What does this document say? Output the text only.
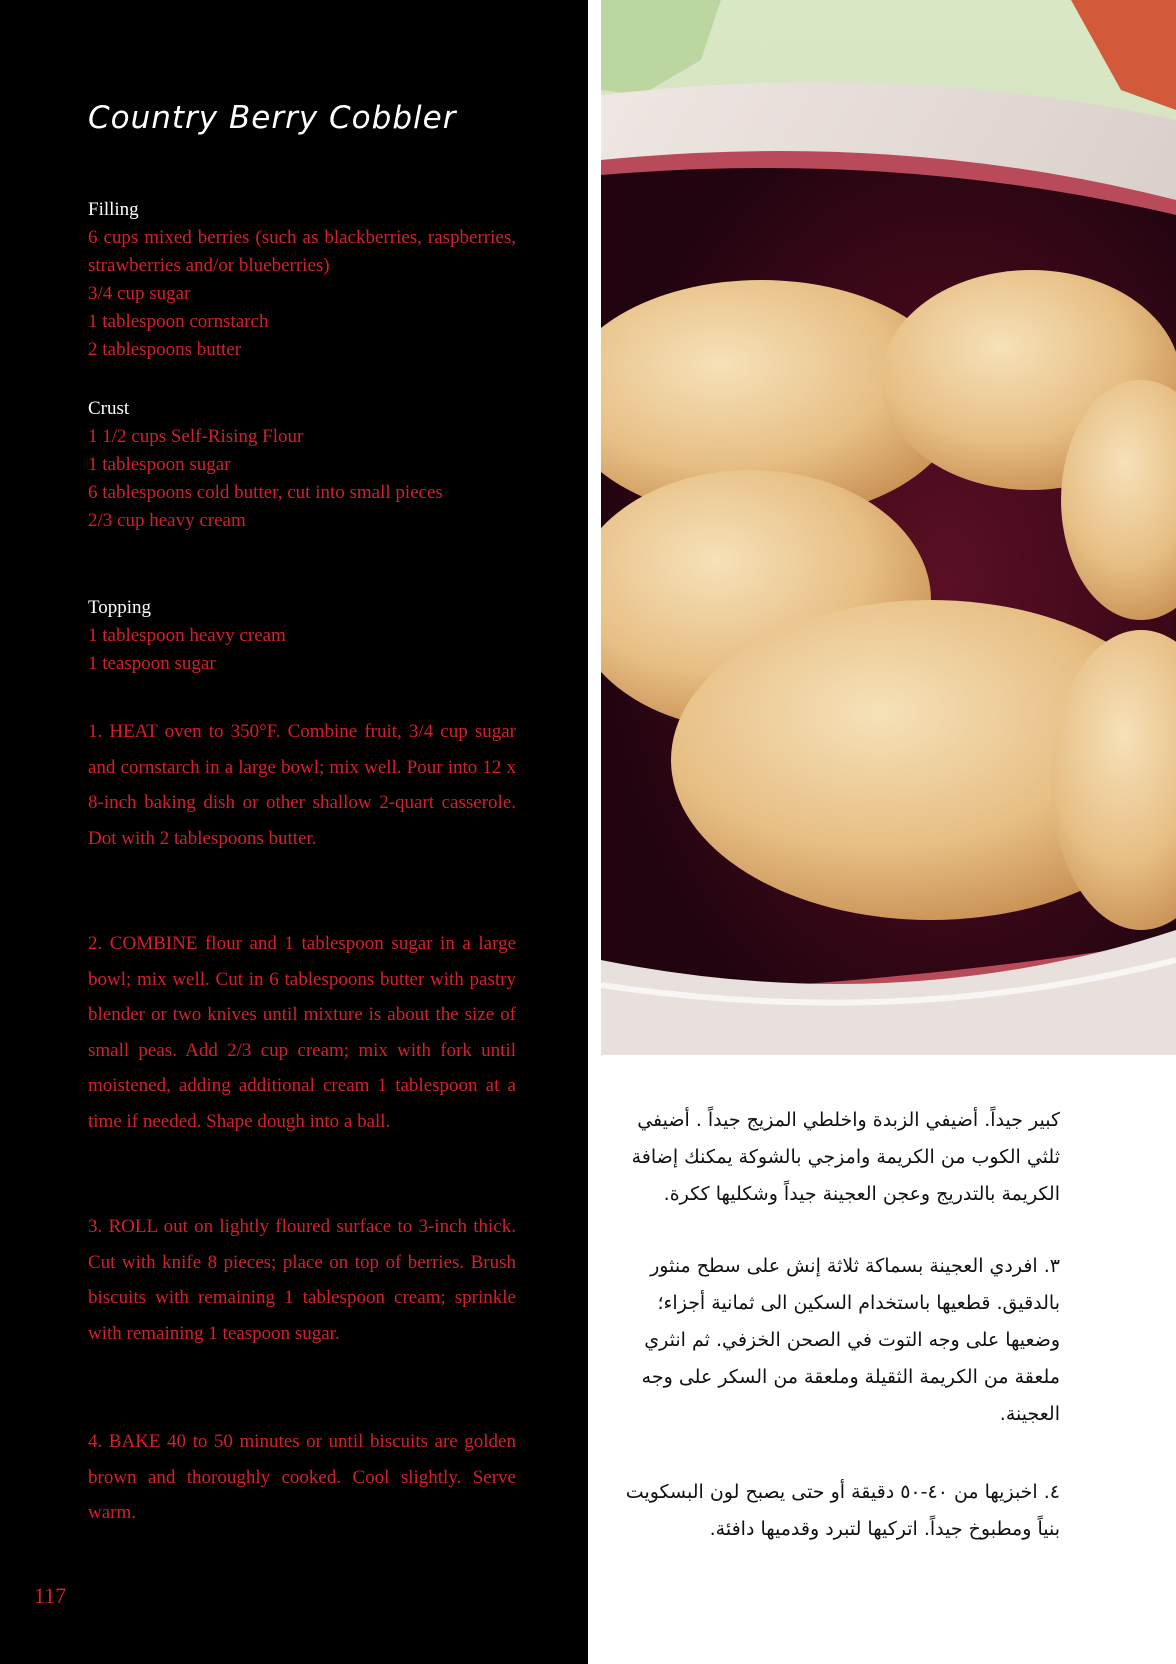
Country Berry Cobbler
Filling
6 cups mixed berries (such as blackberries, raspberries, strawberries and/or blueberries)
3/4 cup sugar
1 tablespoon cornstarch
2 tablespoons butter
Crust
1 1/2 cups Self-Rising Flour
1 tablespoon sugar
6 tablespoons cold butter, cut into small pieces
2/3 cup heavy cream
Topping
1 tablespoon heavy cream
1 teaspoon sugar
1. HEAT oven to 350°F. Combine fruit, 3/4 cup sugar and cornstarch in a large bowl; mix well. Pour into 12 x 8-inch baking dish or other shallow 2-quart casserole. Dot with 2 tablespoons butter.
2. COMBINE flour and 1 tablespoon sugar in a large bowl; mix well. Cut in 6 tablespoons butter with pastry blender or two knives until mixture is about the size of small peas. Add 2/3 cup cream; mix with fork until moistened, adding additional cream 1 tablespoon at a time if needed. Shape dough into a ball.
3. ROLL out on lightly floured surface to 3-inch thick. Cut with knife 8 pieces; place on top of berries. Brush biscuits with remaining 1 tablespoon cream; sprinkle with remaining 1 teaspoon sugar.
4. BAKE 40 to 50 minutes or until biscuits are golden brown and thoroughly cooked. Cool slightly. Serve warm.
117
كبير جيداً. أضيفي الزبدة واخلطي المزيج جيداً . أضيفي
ثلثي الكوب من الكريمة وامزجي بالشوكة يمكنك إضافة
الكريمة بالتدريج وعجن العجينة جيداً وشكليها ككرة.
٣. افردي العجينة بسماكة ثلاثة إنش على سطح منثور
بالدقيق. قطعيها باستخدام السكين الى ثمانية أجزاء؛
وضعيها على وجه التوت في الصحن الخزفي. ثم انثري
ملعقة من الكريمة الثقيلة وملعقة من السكر على وجه
العجينة.
٤. اخبزيها من ٤٠-٥٠ دقيقة أو حتى يصبح لون البسكويت
بنياً ومطبوخ جيداً. اتركيها لتبرد وقدميها دافئة.
